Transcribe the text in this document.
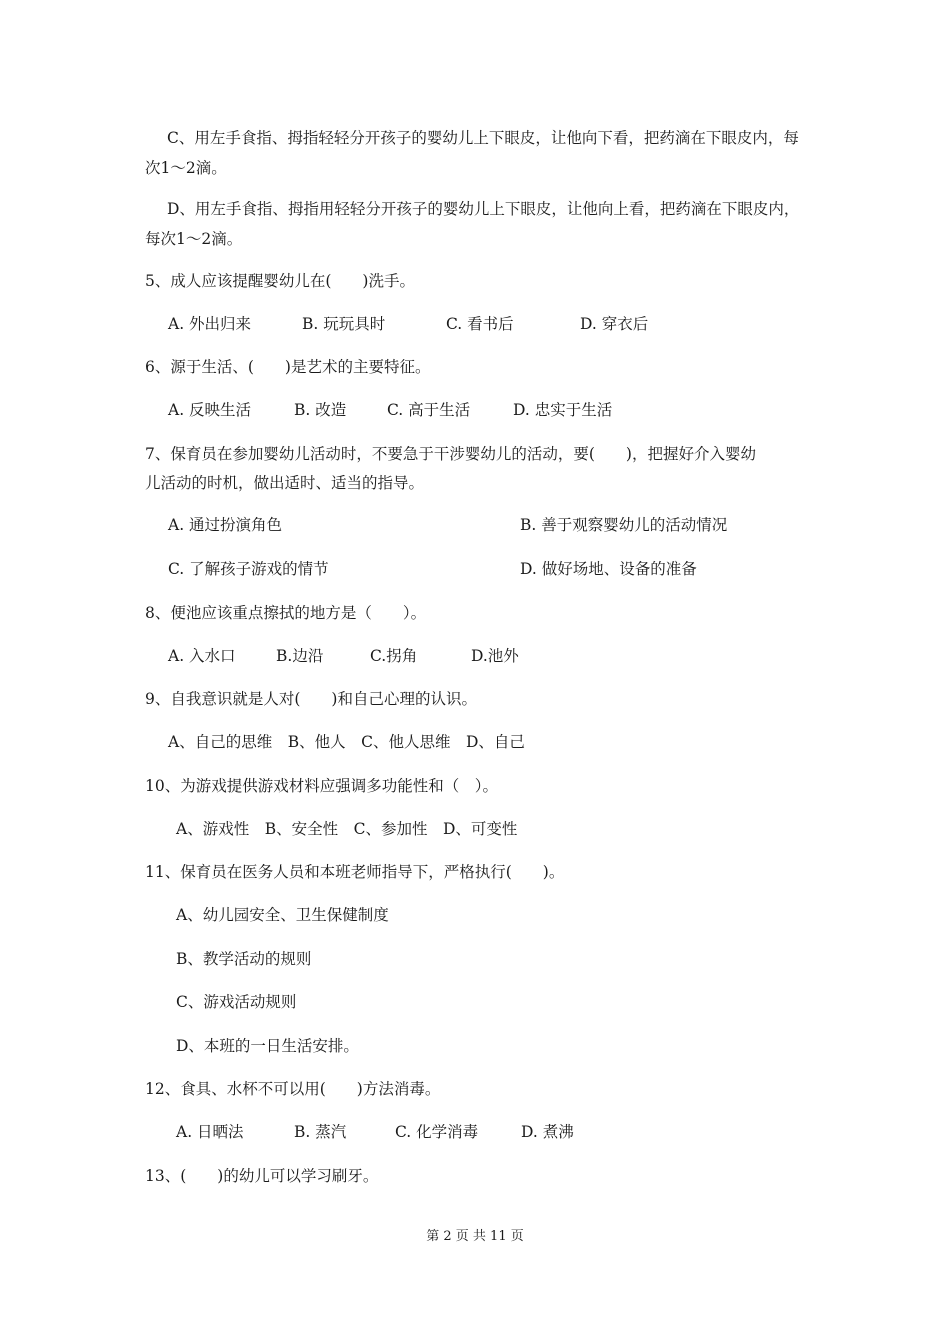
C、用左手食指、拇指轻轻分开孩子的婴幼儿上下眼皮，让他向下看，把药滴在下眼皮内，每次1～2滴。
D、用左手食指、拇指用轻轻分开孩子的婴幼儿上下眼皮，让他向上看，把药滴在下眼皮内，每次1～2滴。
5、成人应该提醒婴幼儿在(　　)洗手。
A. 外出归来	B. 玩玩具时	C. 看书后	D. 穿衣后
6、源于生活、(　　)是艺术的主要特征。
A. 反映生活	B. 改造	C. 高于生活	D. 忠实于生活
7、保育员在参加婴幼儿活动时，不要急于干涉婴幼儿的活动，要(　　)，把握好介入婴幼
儿活动的时机，做出适时、适当的指导。
A. 通过扮演角色	B. 善于观察婴幼儿的活动情况
C. 了解孩子游戏的情节	D. 做好场地、设备的准备
8、便池应该重点擦拭的地方是（　　）。
A. 入水口	B.边沿	C.拐角	D.池外
9、自我意识就是人对(　　)和自己心理的认识。
A、自己的思维　B、他人　C、他人思维　D、自己
10、为游戏提供游戏材料应强调多功能性和（　）。
A、游戏性　B、安全性　C、参加性　D、可变性
11、保育员在医务人员和本班老师指导下，严格执行(　　)。
A、幼儿园安全、卫生保健制度
B、教学活动的规则
C、游戏活动规则
D、本班的一日生活安排。
12、食具、水杯不可以用(　　)方法消毒。
A. 日晒法	B. 蒸汽	C. 化学消毒	D. 煮沸
13、(　　)的幼儿可以学习刷牙。
第 2 页 共 11 页
